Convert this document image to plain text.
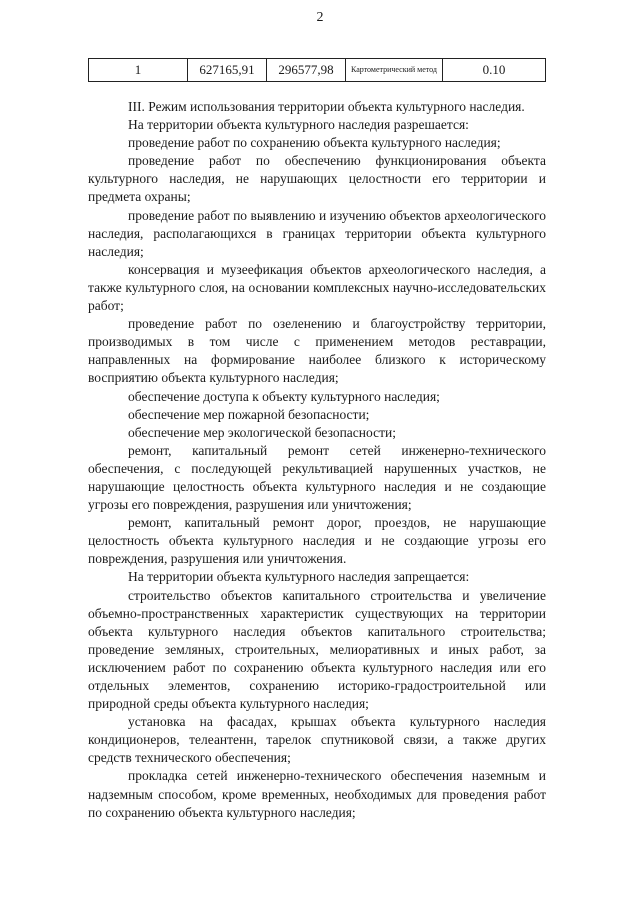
2
1	627165,91	296577,98	Картометрический метод	0.10

III. Режим использования территории объекта культурного наследия.

На территории объекта культурного наследия разрешается:

проведение работ по сохранению объекта культурного наследия;

проведение работ по обеспечению функционирования объекта культурного наследия, не нарушающих целостности его территории и предмета охраны;

проведение работ по выявлению и изучению объектов археологического наследия, располагающихся в границах территории объекта культурного наследия;

консервация и музеефикация объектов археологического наследия, а также культурного слоя, на основании комплексных научно-исследовательских работ;

проведение работ по озеленению и благоустройству территории, производимых в том числе с применением методов реставрации, направленных на формирование наиболее близкого к историческому восприятию объекта культурного наследия;

обеспечение доступа к объекту культурного наследия;

обеспечение мер пожарной безопасности;

обеспечение мер экологической безопасности;

ремонт, капитальный ремонт сетей инженерно-технического обеспечения, с последующей рекультивацией нарушенных участков, не нарушающие целостность объекта культурного наследия и не создающие угрозы его повреждения, разрушения или уничтожения;

ремонт, капитальный ремонт дорог, проездов, не нарушающие целостность объекта культурного наследия и не создающие угрозы его повреждения, разрушения или уничтожения.

На территории объекта культурного наследия запрещается:

строительство объектов капитального строительства и увеличение объемно-пространственных характеристик существующих на территории объекта культурного наследия объектов капитального строительства; проведение земляных, строительных, мелиоративных и иных работ, за исключением работ по сохранению объекта культурного наследия или его отдельных элементов, сохранению историко-градостроительной или природной среды объекта культурного наследия;

установка на фасадах, крышах объекта культурного наследия кондиционеров, телеантенн, тарелок спутниковой связи, а также других средств технического обеспечения;

прокладка сетей инженерно-технического обеспечения наземным и надземным способом, кроме временных, необходимых для проведения работ по сохранению объекта культурного наследия;
